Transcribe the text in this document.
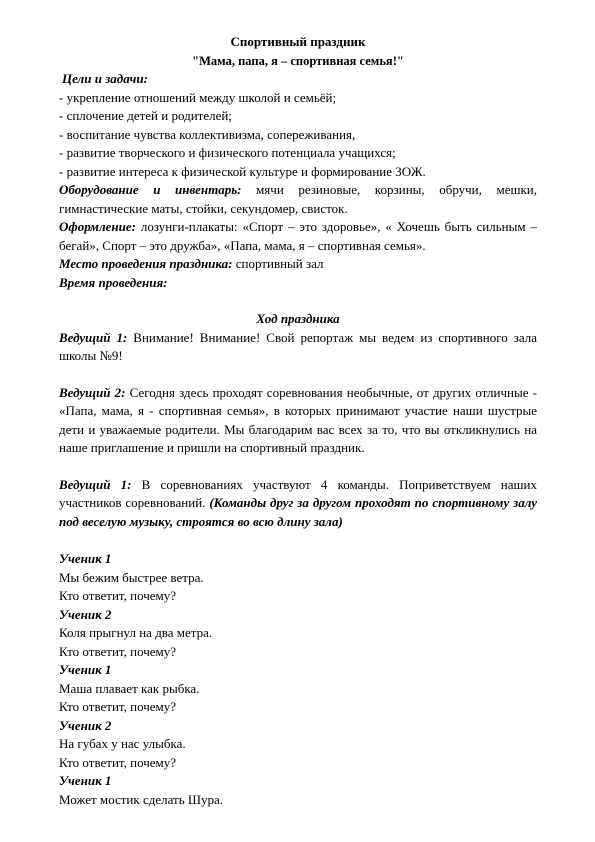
Спортивный праздник

"Мама, папа, я – спортивная семья!"

Цели и задачи:

- укрепление отношений между школой и семьёй;

- сплочение детей и родителей;

- воспитание чувства коллективизма, сопереживания,

- развитие творческого и физического потенциала учащихся;

- развитие интереса к физической культуре и формирование ЗОЖ.

Оборудование и инвентарь: мячи резиновые, корзины, обручи, мешки, гимнастические маты, стойки, секундомер, свисток.

Оформление: лозунги-плакаты: «Спорт – это здоровье», « Хочешь быть сильным – бегай», Спорт – это дружба», «Папа, мама, я – спортивная семья».

Место проведения праздника: спортивный зал

Время проведения:

Ход праздника

Ведущий 1: Внимание! Внимание! Свой репортаж мы ведем из спортивного зала школы №9!

Ведущий 2: Сегодня здесь проходят соревнования необычные, от других отличные - «Папа, мама, я - спортивная семья», в которых принимают участие наши шустрые дети и уважаемые родители. Мы благодарим вас всех за то, что вы откликнулись на наше приглашение и пришли на спортивный праздник.

Ведущий 1: В соревнованиях участвуют 4 команды. Поприветствуем наших участников соревнований. (Команды друг за другом проходят по спортивному залу под веселую музыку, строятся во всю длину зала)

Ученик 1

Мы бежим быстрее ветра.

Кто ответит, почему?

Ученик 2

Коля прыгнул на два метра.

Кто ответит, почему?

Ученик 1

Маша плавает как рыбка.

Кто ответит, почему?

Ученик 2

На губах у нас улыбка.

Кто ответит, почему?

Ученик 1

Может мостик сделать Шура.
